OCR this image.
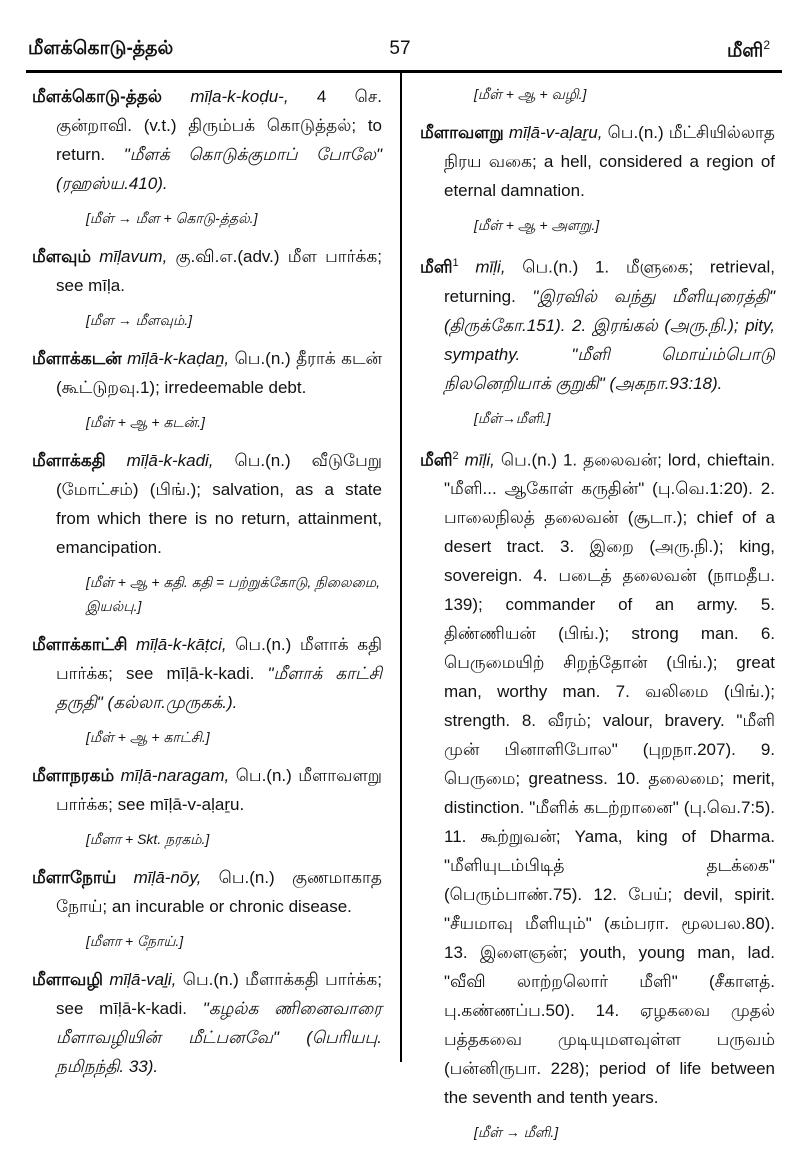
மீளக்கொடு-த்தல்	57	மீளி$^2$
மீளக்கொடு-த்தல் mīḷa-k-koḍu-, 4 செ. குன்றாவி. (v.t.) திரும்பக் கொடுத்தல்; to return. "மீளக் கொடுக்குமாப் போலே" (ரஹஸ்ய.410).
[மீள் → மீள + கொடு-த்தல்.]
மீளவும் mīḷavum, கு.வி.எ.(adv.) மீள பார்க்க; see mīḷa.
[மீள → மீளவும்.]
மீளாக்கடன் mīḷā-k-kaḍaṉ, பெ.(n.) தீராக் கடன் (கூட்டுறவு.1); irredeemable debt.
[மீள் + ஆ + கடன்.]
மீளாக்கதி mīḷā-k-kadi, பெ.(n.) வீடுபேறு (மோட்சம்) (பிங்.); salvation, as a state from which there is no return, attainment, emancipation.
[மீள் + ஆ + கதி. கதி = பற்றுக்கோடு, நிலைமை, இயல்பு.]
மீளாக்காட்சி mīḷā-k-kāṭci, பெ.(n.) மீளாக் கதி பார்க்க; see mīḷā-k-kadi. "மீளாக் காட்சி தருதி" (கல்லா.முருகக்.).
[மீள் + ஆ + காட்சி.]
மீளாநரகம் mīḷā-naragam, பெ.(n.) மீளாவளறு பார்க்க; see mīḷā-v-aḷaṟu.
[மீளா + Skt. நரகம்.]
மீளாநோய் mīḷā-nōy, பெ.(n.) குணமாகாத நோய்; an incurable or chronic disease.
[மீளா + நோய்.]
மீளாவழி mīḷā-vaḻi, பெ.(n.) மீளாக்கதி பார்க்க; see mīḷā-k-kadi. "கழல்க ணினைவாரை மீளாவழியின் மீட்பனவே" (பெரியபு. நமிநந்தி. 33).
[மீள் + ஆ + வழி.]
மீளாவளறு mīḷā-v-aḷaṟu, பெ.(n.) மீட்சியில்லாத நிரய வகை; a hell, considered a region of eternal damnation.
[மீள் + ஆ + அளறு.]
மீளி$^1$ mīḷi, பெ.(n.) 1. மீளுகை; retrieval, returning. "இரவில் வந்து மீளியுரைத்தி" (திருக்கோ.151). 2. இரங்கல் (அரு.நி.); pity, sympathy. "மீளி மொய்ம்பொடு நிலனெறியாக் குறுகி" (அகநா.93:18).
[மீள்→மீளி.]
மீளி$^2$ mīḷi, பெ.(n.) 1. தலைவன்; lord, chieftain. "மீளி... ஆகோள் கருதின்" (பு.வெ.1:20). 2. பாலைநிலத் தலைவன் (சூடா.); chief of a desert tract. 3. இறை (அரு.நி.); king, sovereign. 4. படைத் தலைவன் (நாமதீப. 139); commander of an army. 5. திண்ணியன் (பிங்.); strong man. 6. பெருமையிற் சிறந்தோன் (பிங்.); great man, worthy man. 7. வலிமை (பிங்.); strength. 8. வீரம்; valour, bravery. "மீளி முன் பினாளிபோல" (புறநா.207). 9. பெருமை; greatness. 10. தலைமை; merit, distinction. "மீளிக் கடற்றானை" (பு.வெ.7:5). 11. கூற்றுவன்; Yama, king of Dharma. "மீளியுடம்பிடித் தடக்கை" (பெரும்பாண்.75). 12. பேய்; devil, spirit. "சீயமாவு மீளியும்" (கம்பரா. மூலபல.80). 13. இளைஞன்; youth, young man, lad. "வீவி லாற்றலொர் மீளி" (சீகாளத். பு.கண்ணப்ப.50). 14. ஏழகவை முதல் பத்தகவை முடியுமளவுள்ள பருவம் (பன்னிருபா. 228); period of life between the seventh and tenth years.
[மீள் → மீளி.]
